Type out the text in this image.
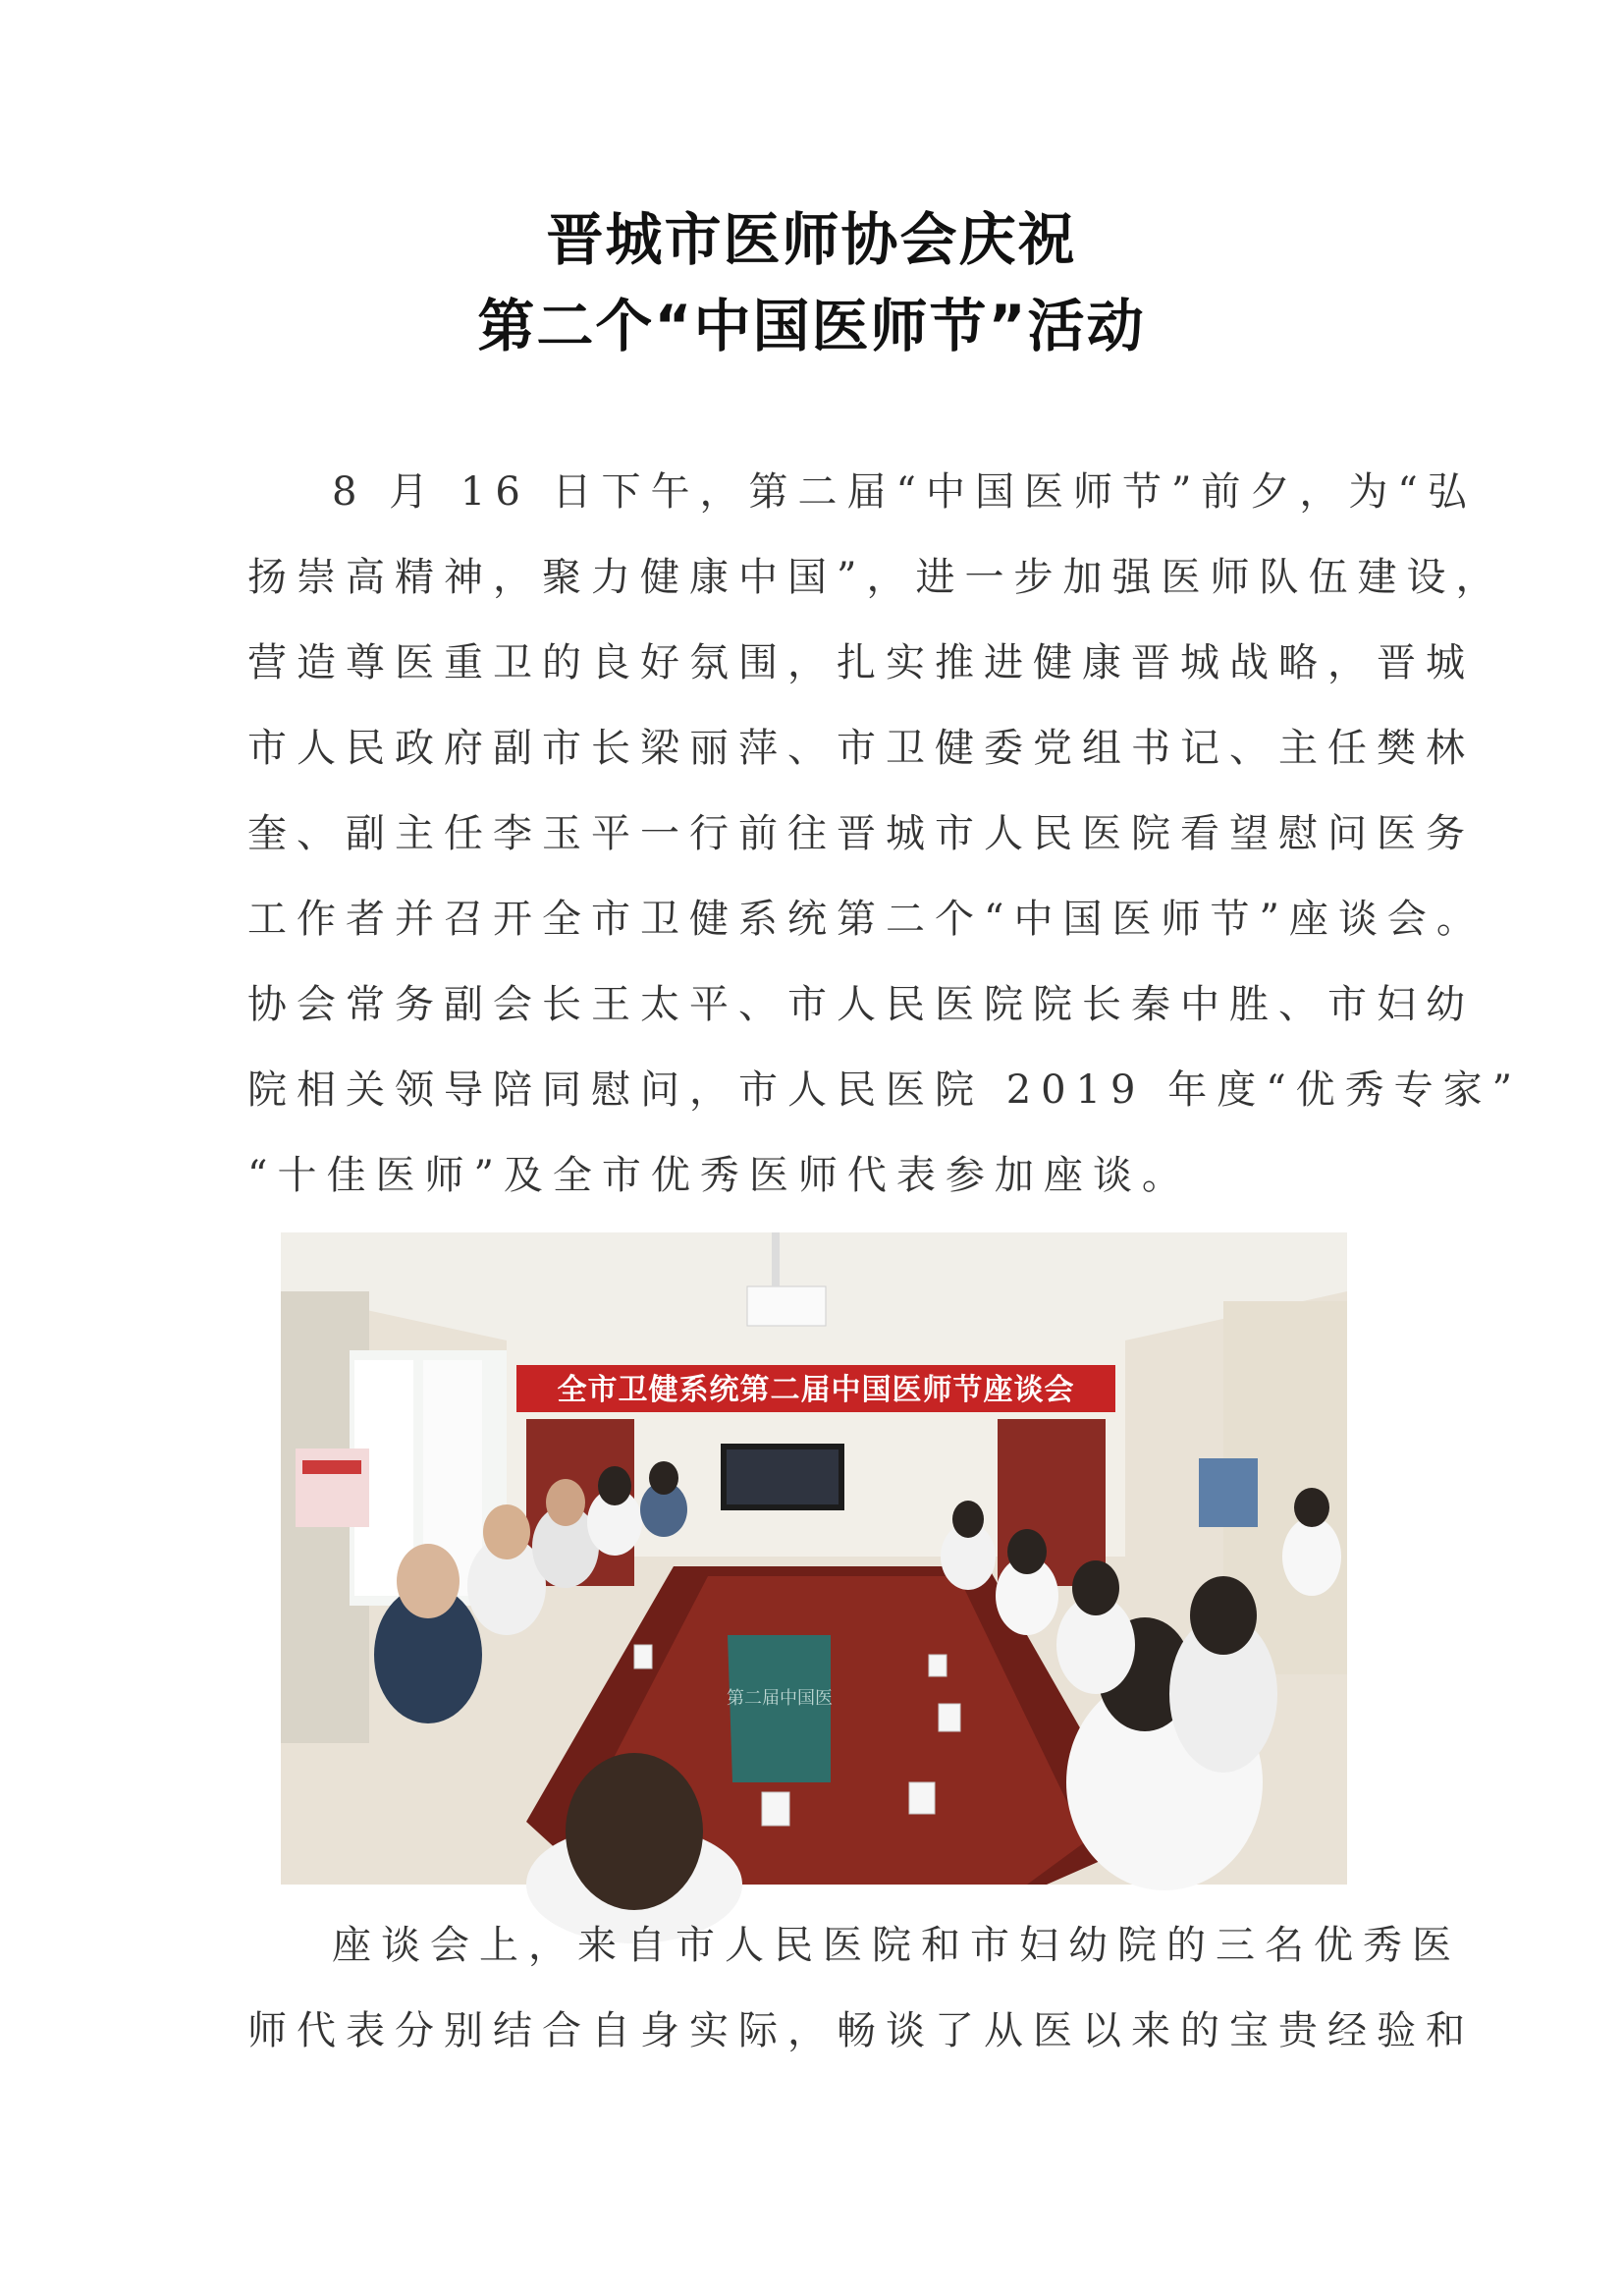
晋城市医师协会庆祝
第二个“中国医师节”活动
8 月 16 日下午，第二届“中国医师节”前夕，为“弘
扬崇高精神，聚力健康中国”，进一步加强医师队伍建设，
营造尊医重卫的良好氛围，扎实推进健康晋城战略，晋城
市人民政府副市长梁丽萍、市卫健委党组书记、主任樊林
奎、副主任李玉平一行前往晋城市人民医院看望慰问医务
工作者并召开全市卫健系统第二个“中国医师节”座谈会。
协会常务副会长王太平、市人民医院院长秦中胜、市妇幼
院相关领导陪同慰问，市人民医院 2019 年度“优秀专家”
“十佳医师”及全市优秀医师代表参加座谈。
全市卫健系统第二届中国医师节座谈会
第二届中国医
座谈会上，来自市人民医院和市妇幼院的三名优秀医
师代表分别结合自身实际，畅谈了从医以来的宝贵经验和
